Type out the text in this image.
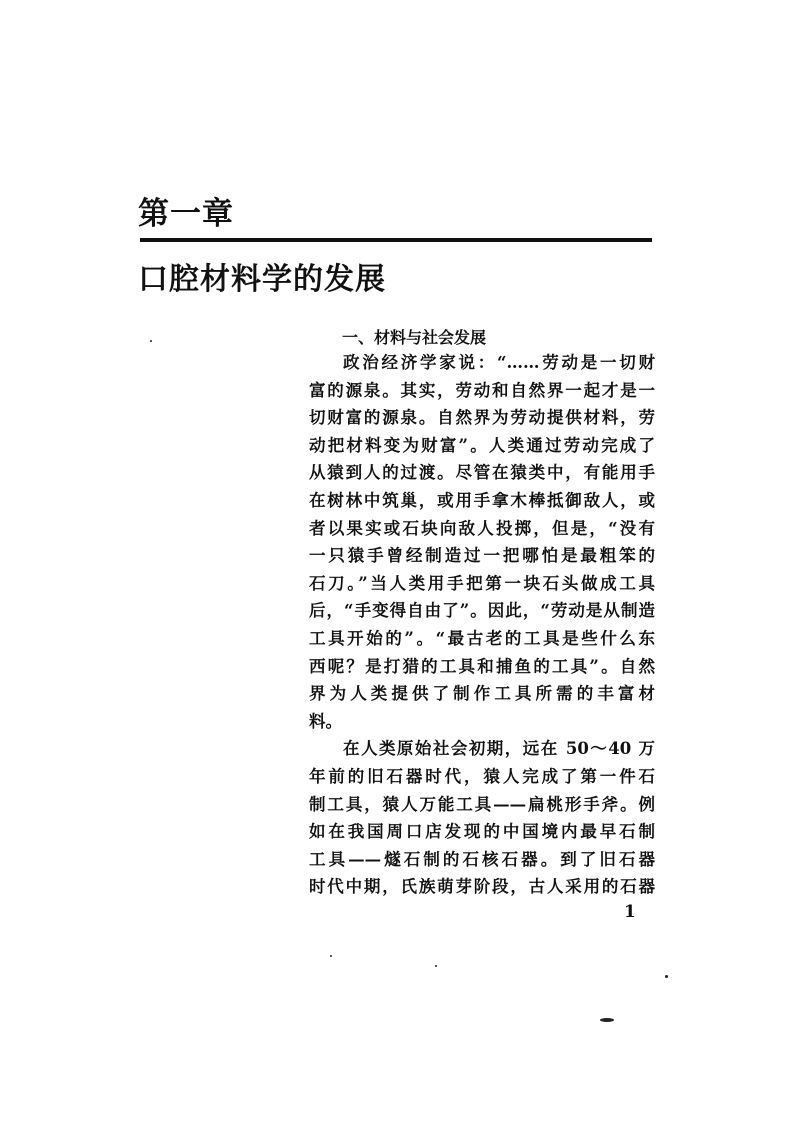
第一章
口腔材料学的发展
一、材料与社会发展
政治经济学家说：“……劳动是一切财
富的源泉。其实，劳动和自然界一起才是一
切财富的源泉。自然界为劳动提供材料，劳
动把材料变为财富”。人类通过劳动完成了
从猿到人的过渡。尽管在猿类中，有能用手
在树林中筑巢，或用手拿木棒抵御敌人，或
者以果实或石块向敌人投掷，但是，“没有
一只猿手曾经制造过一把哪怕是最粗笨的
石刀。”当人类用手把第一块石头做成工具
后，“手变得自由了”。因此，“劳动是从制造
工具开始的”。“最古老的工具是些什么东
西呢？是打猎的工具和捕鱼的工具”。自然
界为人类提供了制作工具所需的丰富材
料。
在人类原始社会初期，远在 50～40 万
年前的旧石器时代，猿人完成了第一件石
制工具，猿人万能工具——扁桃形手斧。例
如在我国周口店发现的中国境内最早石制
工具——燧石制的石核石器。到了旧石器
时代中期，氏族萌芽阶段，古人采用的石器
1
